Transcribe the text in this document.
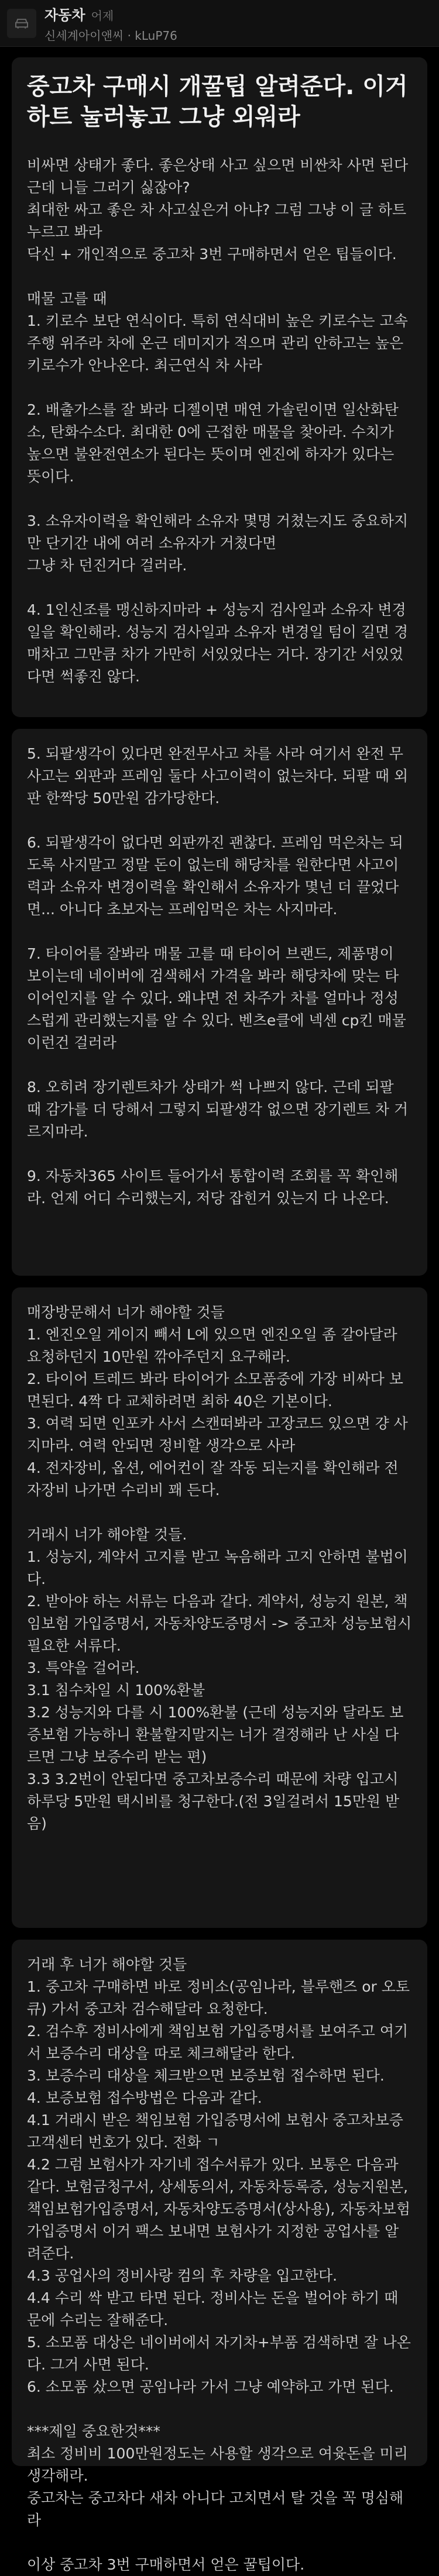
자동차 어제
신세계아이앤씨 · kLuP76
중고차 구매시 개꿀팁 알려준다. 이거 하트 눌러놓고 그냥 외워라
비싸면 상태가 좋다. 좋은상태 사고 싶으면 비싼차 사면 된다
근데 니들 그러기 싫잖아?
최대한 싸고 좋은 차 사고싶은거 아냐? 그럼 그냥 이 글 하트 누르고 봐라
닥신 + 개인적으로 중고차 3번 구매하면서 얻은 팁들이다.
매물 고를 때
1. 키로수 보단 연식이다. 특히 연식대비 높은 키로수는 고속주행 위주라 차에 온근 데미지가 적으며 관리 안하고는 높은키로수가 안나온다. 최근연식 차 사라
2. 배출가스를 잘 봐라 디젤이면 매연 가솔린이면 일산화탄소, 탄화수소다. 최대한 0에 근접한 매물을 찾아라. 수치가 높으면 불완전연소가 된다는 뜻이며 엔진에 하자가 있다는 뜻이다.
3. 소유자이력을 확인해라 소유자 몇명 거쳤는지도 중요하지만 단기간 내에 여러 소유자가 거쳤다면
그냥 차 던진거다 걸러라.
4. 1인신조를 맹신하지마라 + 성능지 검사일과 소유자 변경일을 확인해라. 성능지 검사일과 소유자 변경일 텀이 길면 경매차고 그만큼 차가 가만히 서있었다는 거다. 장기간 서있었다면 썩좋진 않다.
5. 되팔생각이 있다면 완전무사고 차를 사라 여기서 완전 무사고는 외판과 프레임 둘다 사고이력이 없는차다. 되팔 때 외판 한짝당 50만원 감가당한다.
6. 되팔생각이 없다면 외판까진 괜찮다. 프레임 먹은차는 되도록 사지말고 정말 돈이 없는데 해당차를 원한다면 사고이력과 소유자 변경이력을 확인해서 소유자가 몇넌 더 끌었다면... 아니다 초보자는 프레임먹은 차는 사지마라.
7. 타이어를 잘봐라 매물 고를 때 타이어 브랜드, 제품명이 보이는데 네이버에 검색해서 가격을 봐라 해당차에 맞는 타이어인지를 알 수 있다. 왜냐면 전 차주가 차를 얼마나 정성스럽게 관리했는지를 알 수 있다. 벤츠e클에 넥센 cp킨 매물 이런건 걸러라
8. 오히려 장기렌트차가 상태가 썩 나쁘지 않다. 근데 되팔 때 감가를 더 당해서 그렇지 되팔생각 없으면 장기렌트 차 거르지마라.
9. 자동차365 사이트 들어가서 통합이력 조회를 꼭 확인해라. 언제 어디 수리했는지, 저당 잡힌거 있는지 다 나온다.
매장방문해서 너가 해야할 것들
1. 엔진오일 게이지 빼서 L에 있으면 엔진오일 좀 갈아달라 요청하던지 10만원 깎아주던지 요구해라.
2. 타이어 트레드 봐라 타이어가 소모품중에 가장 비싸다 보면된다. 4짝 다 교체하려면 최하 40은 기본이다.
3. 여력 되면 인포카 사서 스캔떠봐라 고장코드 있으면 걍 사지마라. 여력 안되면 정비할 생각으로 사라
4. 전자장비, 옵션, 에어컨이 잘 작동 되는지를 확인해라 전자장비 나가면 수리비 꽤 든다.
거래시 너가 해야할 것들.
1. 성능지, 계약서 고지를 받고 녹음해라 고지 안하면 불법이다.
2. 받아야 하는 서류는 다음과 같다. 계약서, 성능지 원본, 책임보험 가입증명서, 자동차양도증명서 -> 중고차 성능보험시 필요한 서류다.
3. 특약을 걸어라.
3.1 침수차일 시 100%환불
3.2 성능지와 다를 시 100%환불 (근데 성능지와 달라도 보증보험 가능하니 환불할지말지는 너가 결정해라 난 사실 다르면 그냥 보증수리 받는 편)
3.3 3.2번이 안된다면 중고차보증수리 때문에 차량 입고시 하루당 5만원 택시비를 청구한다.(전 3일걸려서 15만원 받음)
거래 후 너가 해야할 것들
1. 중고차 구매하면 바로 정비소(공임나라, 블루핸즈 or 오토큐) 가서 중고차 검수해달라 요청한다.
2. 검수후 정비사에게 책임보험 가입증명서를 보여주고 여기서 보증수리 대상을 따로 체크해달라 한다.
3. 보증수리 대상을 체크받으면 보증보험 접수하면 된다.
4. 보증보험 접수방법은 다음과 같다.
4.1 거래시 받은 책임보험 가입증명서에 보험사 중고차보증 고객센터 번호가 있다. 전화 ㄱ
4.2 그럼 보험사가 자기네 접수서류가 있다. 보통은 다음과 같다. 보험금청구서, 상세동의서, 자동차등록증, 성능지원본, 책임보험가입증명서, 자동차양도증명서(상사용), 자동차보험 가입증명서 이거 팩스 보내면 보험사가 지정한 공업사를 알려준다.
4.3 공업사의 정비사랑 컴의 후 차량을 입고한다.
4.4 수리 싹 받고 타면 된다. 정비사는 돈을 벌어야 하기 때문에 수리는 잘해준다.
5. 소모품 대상은 네이버에서 자기차+부품 검색하면 잘 나온다. 그거 사면 된다.
6. 소모품 샀으면 공임나라 가서 그냥 예약하고 가면 된다.
***제일 중요한것***
최소 정비비 100만원정도는 사용할 생각으로 여윳돈을 미리 생각해라.
중고차는 중고차다 새차 아니다 고치면서 탈 것을 꼭 명심해라
이상 중고차 3번 구매하면서 얻은 꿀팁이다.
